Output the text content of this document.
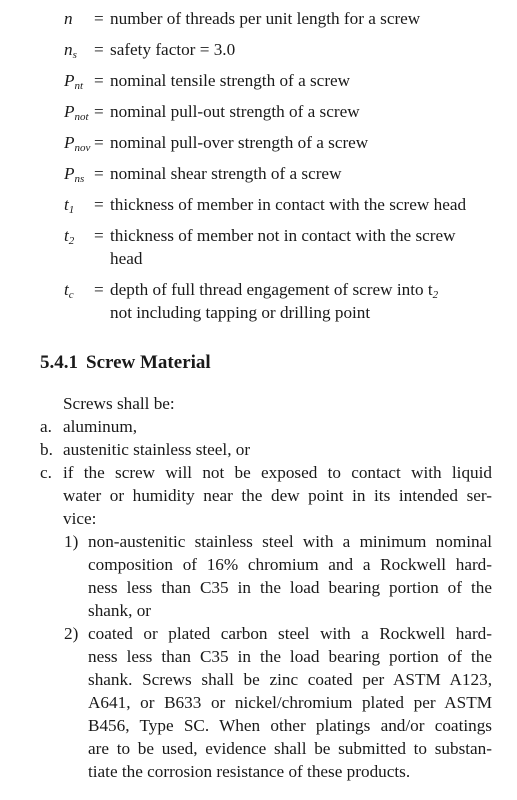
n = number of threads per unit length for a screw
$n_s$ = safety factor = 3.0
$P_{nt}$ = nominal tensile strength of a screw
$P_{not}$ = nominal pull-out strength of a screw
$P_{nov}$ = nominal pull-over strength of a screw
$P_{ns}$ = nominal shear strength of a screw
$t_1$ = thickness of member in contact with the screw head
$t_2$ = thickness of member not in contact with the screw
head
$t_c$ = depth of full thread engagement of screw into $t_2$
not including tapping or drilling point
5.4.1 Screw Material
Screws shall be:
a. aluminum,
b. austenitic stainless steel, or
c. if the screw will not be exposed to contact with liquid
water or humidity near the dew point in its intended ser-
vice:
1) non-austenitic stainless steel with a minimum nominal
composition of 16% chromium and a Rockwell hard-
ness less than C35 in the load bearing portion of the
shank, or
2) coated or plated carbon steel with a Rockwell hard-
ness less than C35 in the load bearing portion of the
shank. Screws shall be zinc coated per ASTM A123,
A641, or B633 or nickel/chromium plated per ASTM
B456, Type SC. When other platings and/or coatings
are to be used, evidence shall be submitted to substan-
tiate the corrosion resistance of these products.
